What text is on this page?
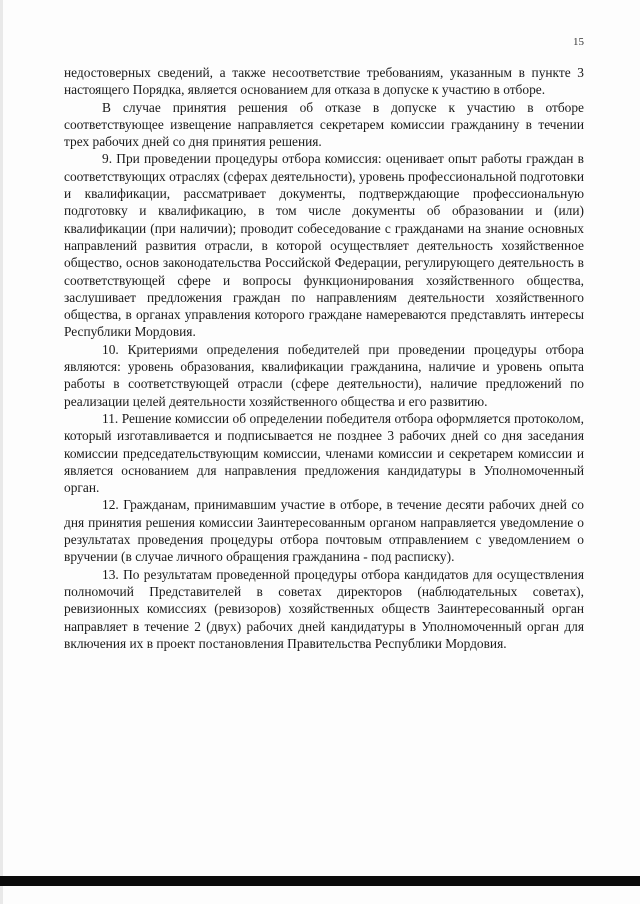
15

недостоверных сведений, а также несоответствие требованиям, указанным в пункте 3 настоящего Порядка, является основанием для отказа в допуске к участию в отборе.

В случае принятия решения об отказе в допуске к участию в отборе соответствующее извещение направляется секретарем комиссии гражданину в течении трех рабочих дней со дня принятия решения.

9. При проведении процедуры отбора комиссия: оценивает опыт работы граждан в соответствующих отраслях (сферах деятельности), уровень профессиональной подготовки и квалификации, рассматривает документы, подтверждающие профессиональную подготовку и квалификацию, в том числе документы об образовании и (или) квалификации (при наличии); проводит собеседование с гражданами на знание основных направлений развития отрасли, в которой осуществляет деятельность хозяйственное общество, основ законодательства Российской Федерации, регулирующего деятельность в соответствующей сфере и вопросы функционирования хозяйственного общества, заслушивает предложения граждан по направлениям деятельности хозяйственного общества, в органах управления которого граждане намереваются представлять интересы Республики Мордовия.

10. Критериями определения победителей при проведении процедуры отбора являются: уровень образования, квалификации гражданина, наличие и уровень опыта работы в соответствующей отрасли (сфере деятельности), наличие предложений по реализации целей деятельности хозяйственного общества и его развитию.

11. Решение комиссии об определении победителя отбора оформляется протоколом, который изготавливается и подписывается не позднее 3 рабочих дней со дня заседания комиссии председательствующим комиссии, членами комиссии и секретарем комиссии и является основанием для направления предложения кандидатуры в Уполномоченный орган.

12. Гражданам, принимавшим участие в отборе, в течение десяти рабочих дней со дня принятия решения комиссии Заинтересованным органом направляется уведомление о результатах проведения процедуры отбора почтовым отправлением с уведомлением о вручении (в случае личного обращения гражданина - под расписку).

13. По результатам проведенной процедуры отбора кандидатов для осуществления полномочий Представителей в советах директоров (наблюдательных советах), ревизионных комиссиях (ревизоров) хозяйственных обществ Заинтересованный орган направляет в течение 2 (двух) рабочих дней кандидатуры в Уполномоченный орган для включения их в проект постановления Правительства Республики Мордовия.
